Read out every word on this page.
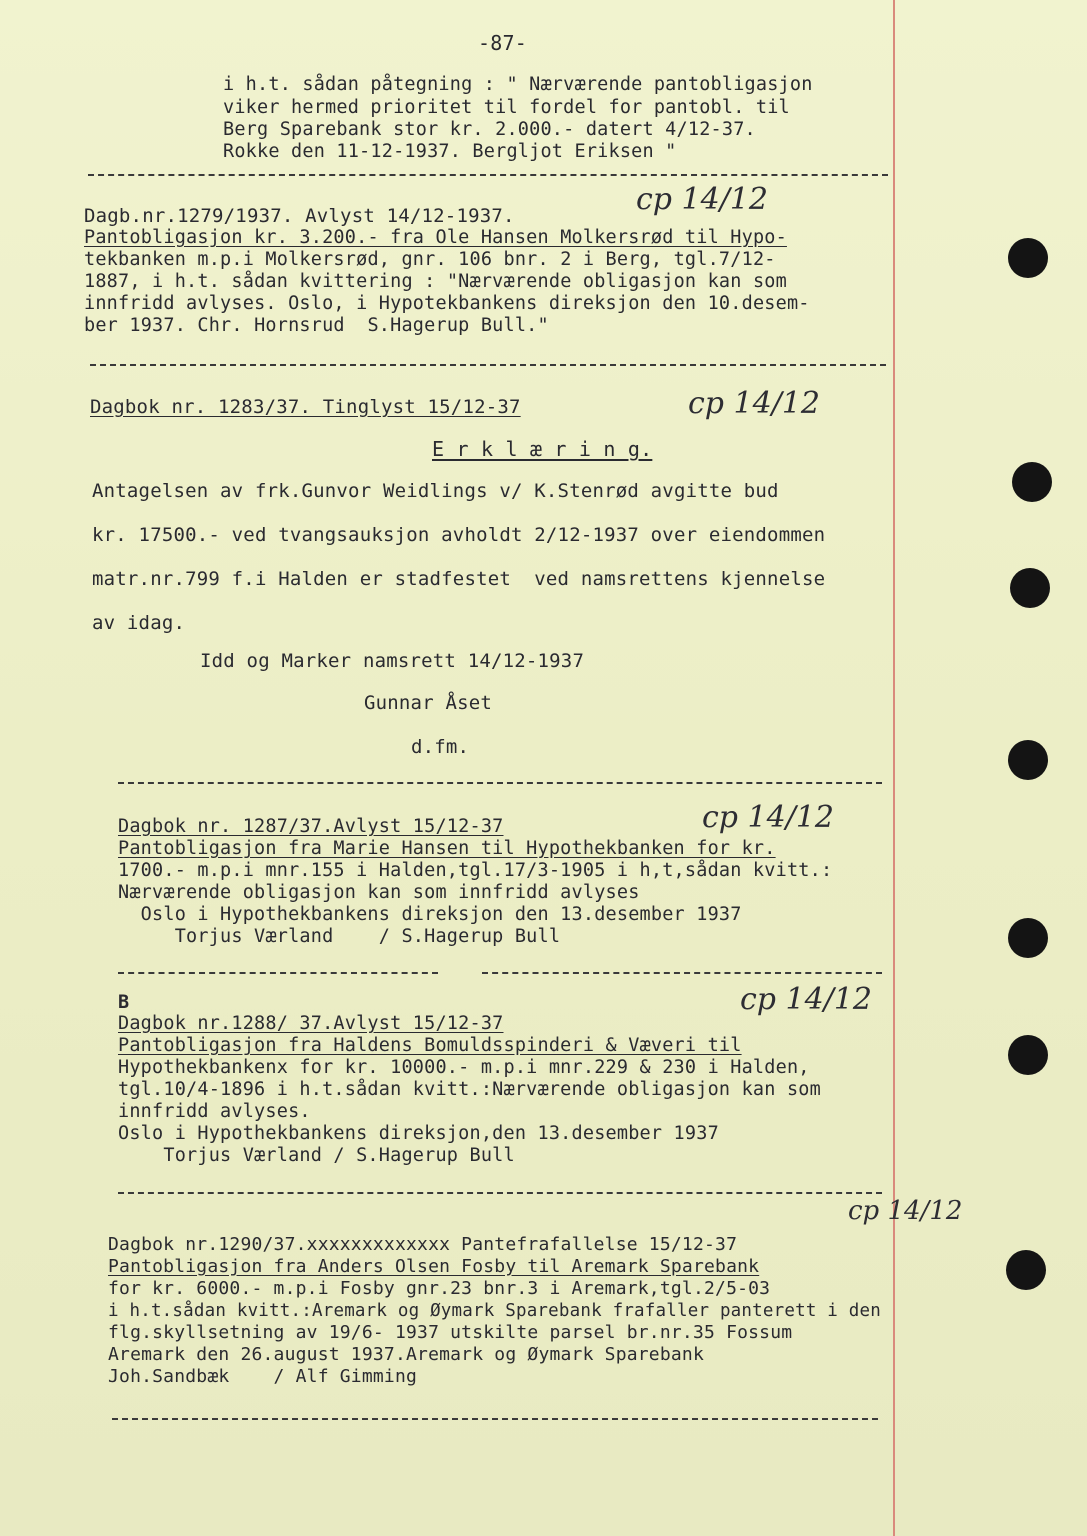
-87-
i h.t. sådan påtegning : " Nærværende pantobligasjon
viker hermed prioritet til fordel for pantobl. til
Berg Sparebank stor kr. 2.000.- datert 4/12-37.
Rokke den 11-12-1937. Bergljot Eriksen "
Dagb.nr.1279/1937. Avlyst 14/12-1937.	cp 14/12
Pantobligasjon kr. 3.200.- fra Ole Hansen Molkersrød til Hypo-
tekbanken m.p.i Molkersrød, gnr. 106 bnr. 2 i Berg, tgl.7/12-
1887, i h.t. sådan kvittering : "Nærværende obligasjon kan som
innfridd avlyses. Oslo, i Hypotekbankens direksjon den 10.desem-
ber 1937. Chr. Hornsrud  S.Hagerup Bull."
Dagbok nr. 1283/37. Tinglyst 15/12-37	cp 14/12
E r k l æ r i n g.
Antagelsen av frk.Gunvor Weidlings v/ K.Stenrød avgitte bud
kr. 17500.- ved tvangsauksjon avholdt 2/12-1937 over eiendommen
matr.nr.799 f.i Halden er stadfestet  ved namsrettens kjennelse
av idag.
Idd og Marker namsrett 14/12-1937
Gunnar Åset
d.fm.
Dagbok nr. 1287/37.Avlyst 15/12-37	cp 14/12
Pantobligasjon fra Marie Hansen til Hypothekbanken for kr.
1700.- m.p.i mnr.155 i Halden,tgl.17/3-1905 i h,t,sådan kvitt.:
Nærværende obligasjon kan som innfridd avlyses
Oslo i Hypothekbankens direksjon den 13.desember 1937
Torjus Værland    / S.Hagerup Bull
B
Dagbok nr.1288/ 37.Avlyst 15/12-37
cp 14/12
Pantobligasjon fra Haldens Bomuldsspinderi & Væveri til
Hypothekbankenx for kr. 10000.- m.p.i mnr.229 & 230 i Halden,
tgl.10/4-1896 i h.t.sådan kvitt.:Nærværende obligasjon kan som
innfridd avlyses.
Oslo i Hypothekbankens direksjon,den 13.desember 1937
Torjus Værland / S.Hagerup Bull
Dagbok nr.1290/37.xxxxxxxxxxxxx Pantefrafallelse 15/12-37
cp 14/12
Pantobligasjon fra Anders Olsen Fosby til Aremark Sparebank
for kr. 6000.- m.p.i Fosby gnr.23 bnr.3 i Aremark,tgl.2/5-03
i h.t.sådan kvitt.:Aremark og Øymark Sparebank frafaller panterett i den
flg.skyllsetning av 19/6- 1937 utskilte parsel br.nr.35 Fossum
Aremark den 26.august 1937.Aremark og Øymark Sparebank
Joh.Sandbæk    / Alf Gimming
